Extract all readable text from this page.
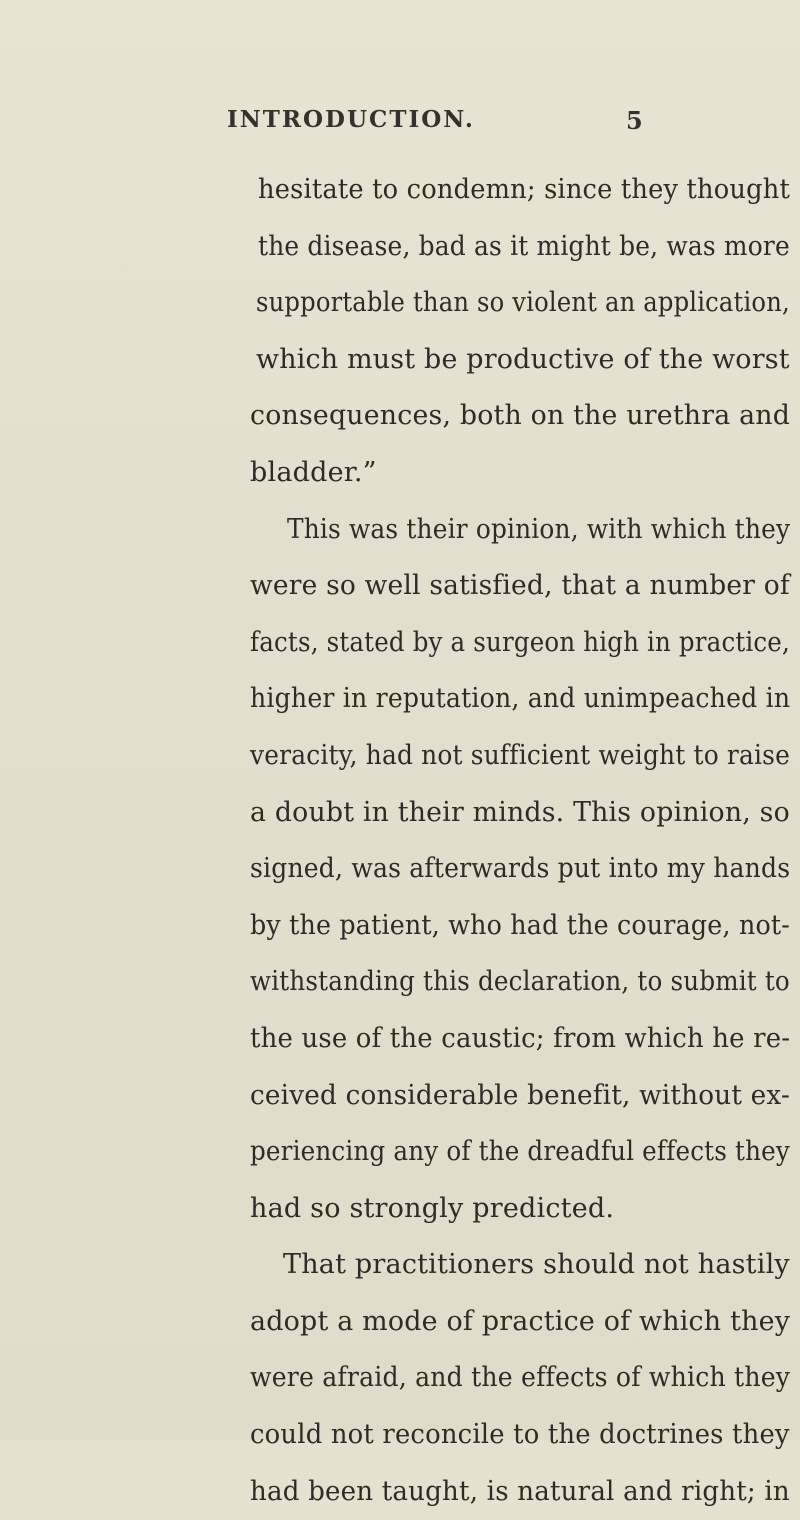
INTRODUCTION.	5
hesitate to condemn; since they thought
the disease, bad as it might be, was more
supportable than so violent an application,
which must be productive of the worst
consequences, both on the urethra and
bladder.”
This was their opinion, with which they
were so well satisfied, that a number of
facts, stated by a surgeon high in practice,
higher in reputation, and unimpeached in
veracity, had not sufficient weight to raise
a doubt in their minds. This opinion, so
signed, was afterwards put into my hands
by the patient, who had the courage, not-
withstanding this declaration, to submit to
the use of the caustic; from which he re-
ceived considerable benefit, without ex-
periencing any of the dreadful effects they
had so strongly predicted.
That practitioners should not hastily
adopt a mode of practice of which they
were afraid, and the effects of which they
could not reconcile to the doctrines they
had been taught, is natural and right; in
